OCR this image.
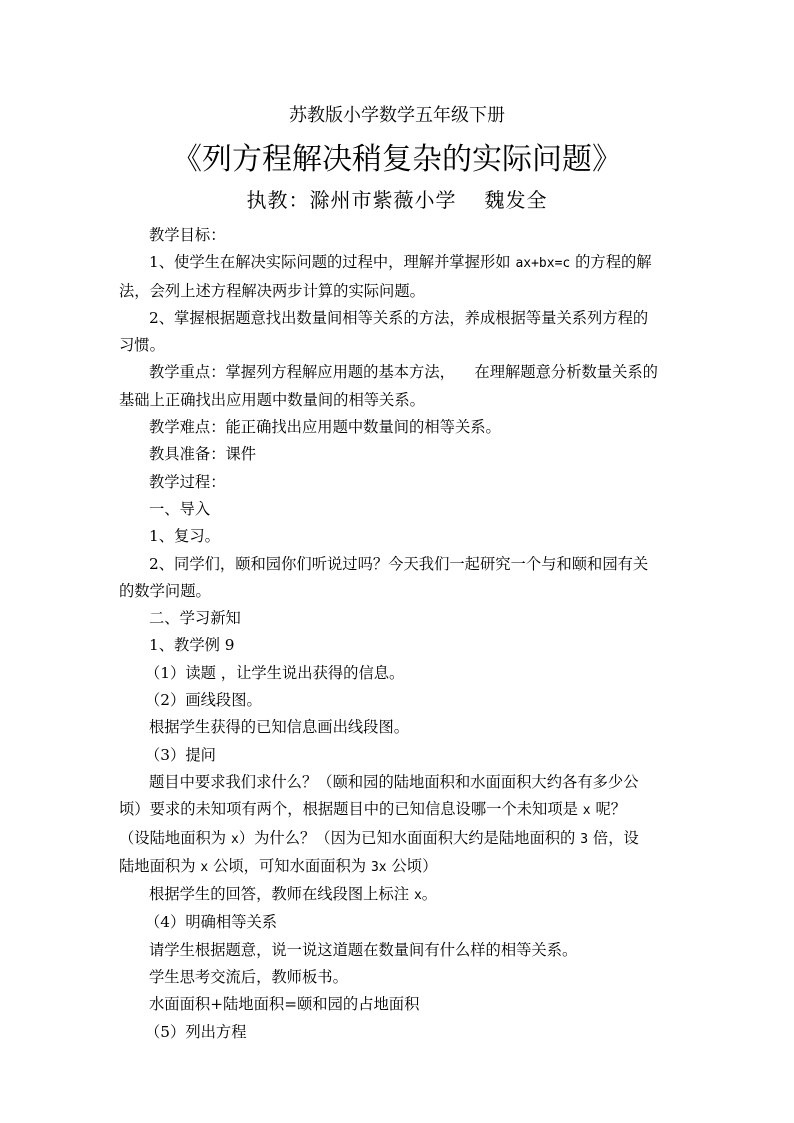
苏教版小学数学五年级下册
《列方程解决稍复杂的实际问题》
执教：滁州市紫薇小学 魏发全

教学目标：

1、使学生在解决实际问题的过程中，理解并掌握形如 ax+bx=c 的方程的解

法，会列上述方程解决两步计算的实际问题。

2、掌握根据题意找出数量间相等关系的方法，养成根据等量关系列方程的

习惯。

教学重点：掌握列方程解应用题的基本方法， 在理解题意分析数量关系的

基础上正确找出应用题中数量间的相等关系。

教学难点：能正确找出应用题中数量间的相等关系。

教具准备：课件

教学过程：

一、导入

1、复习。

2、同学们，颐和园你们听说过吗？今天我们一起研究一个与和颐和园有关

的数学问题。

二、学习新知

1、教学例 9

（1）读题 ，让学生说出获得的信息。

（2）画线段图。

根据学生获得的已知信息画出线段图。

（3）提问

题目中要求我们求什么？（颐和园的陆地面积和水面面积大约各有多少公

顷）要求的未知项有两个，根据题目中的已知信息设哪一个未知项是 x 呢？

（设陆地面积为 x）为什么？（因为已知水面面积大约是陆地面积的 3 倍，设

陆地面积为 x 公顷，可知水面面积为 3x 公顷）

根据学生的回答，教师在线段图上标注 x。

（4）明确相等关系

请学生根据题意，说一说这道题在数量间有什么样的相等关系。

学生思考交流后，教师板书。

水面面积+陆地面积=颐和园的占地面积

（5）列出方程
